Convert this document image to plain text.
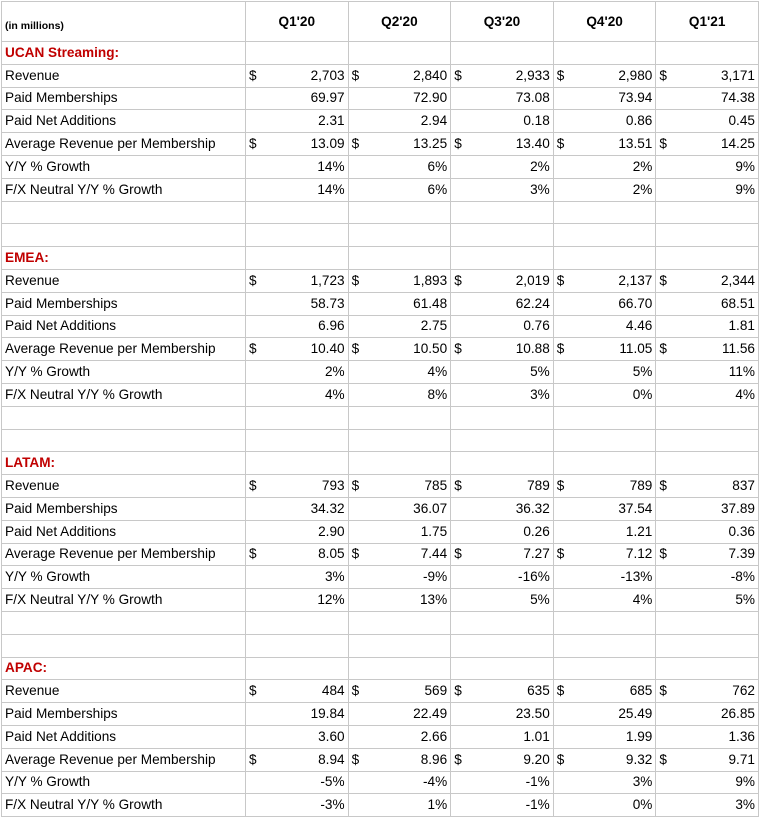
(in millions)	Q1'20		Q2'20		Q3'20		Q4'20		Q1'21	
UCAN Streaming:										
Revenue	$	2,703	$	2,840	$	2,933	$	2,980	$	3,171
Paid Memberships		69.97		72.90		73.08		73.94		74.38
Paid Net Additions		2.31		2.94		0.18		0.86		0.45
Average Revenue per Membership	$	13.09	$	13.25	$	13.40	$	13.51	$	14.25
Y/Y % Growth		14%		6%		2%		2%		9%
F/X Neutral Y/Y % Growth		14%		6%		3%		2%		9%

EMEA:										
Revenue	$	1,723	$	1,893	$	2,019	$	2,137	$	2,344
Paid Memberships		58.73		61.48		62.24		66.70		68.51
Paid Net Additions		6.96		2.75		0.76		4.46		1.81
Average Revenue per Membership	$	10.40	$	10.50	$	10.88	$	11.05	$	11.56
Y/Y % Growth		2%		4%		5%		5%		11%
F/X Neutral Y/Y % Growth		4%		8%		3%		0%		4%

LATAM:										
Revenue	$	793	$	785	$	789	$	789	$	837
Paid Memberships		34.32		36.07		36.32		37.54		37.89
Paid Net Additions		2.90		1.75		0.26		1.21		0.36
Average Revenue per Membership	$	8.05	$	7.44	$	7.27	$	7.12	$	7.39
Y/Y % Growth		3%		-9%		-16%		-13%		-8%
F/X Neutral Y/Y % Growth		12%		13%		5%		4%		5%

APAC:										
Revenue	$	484	$	569	$	635	$	685	$	762
Paid Memberships		19.84		22.49		23.50		25.49		26.85
Paid Net Additions		3.60		2.66		1.01		1.99		1.36
Average Revenue per Membership	$	8.94	$	8.96	$	9.20	$	9.32	$	9.71
Y/Y % Growth		-5%		-4%		-1%		3%		9%
F/X Neutral Y/Y % Growth		-3%		1%		-1%		0%		3%
